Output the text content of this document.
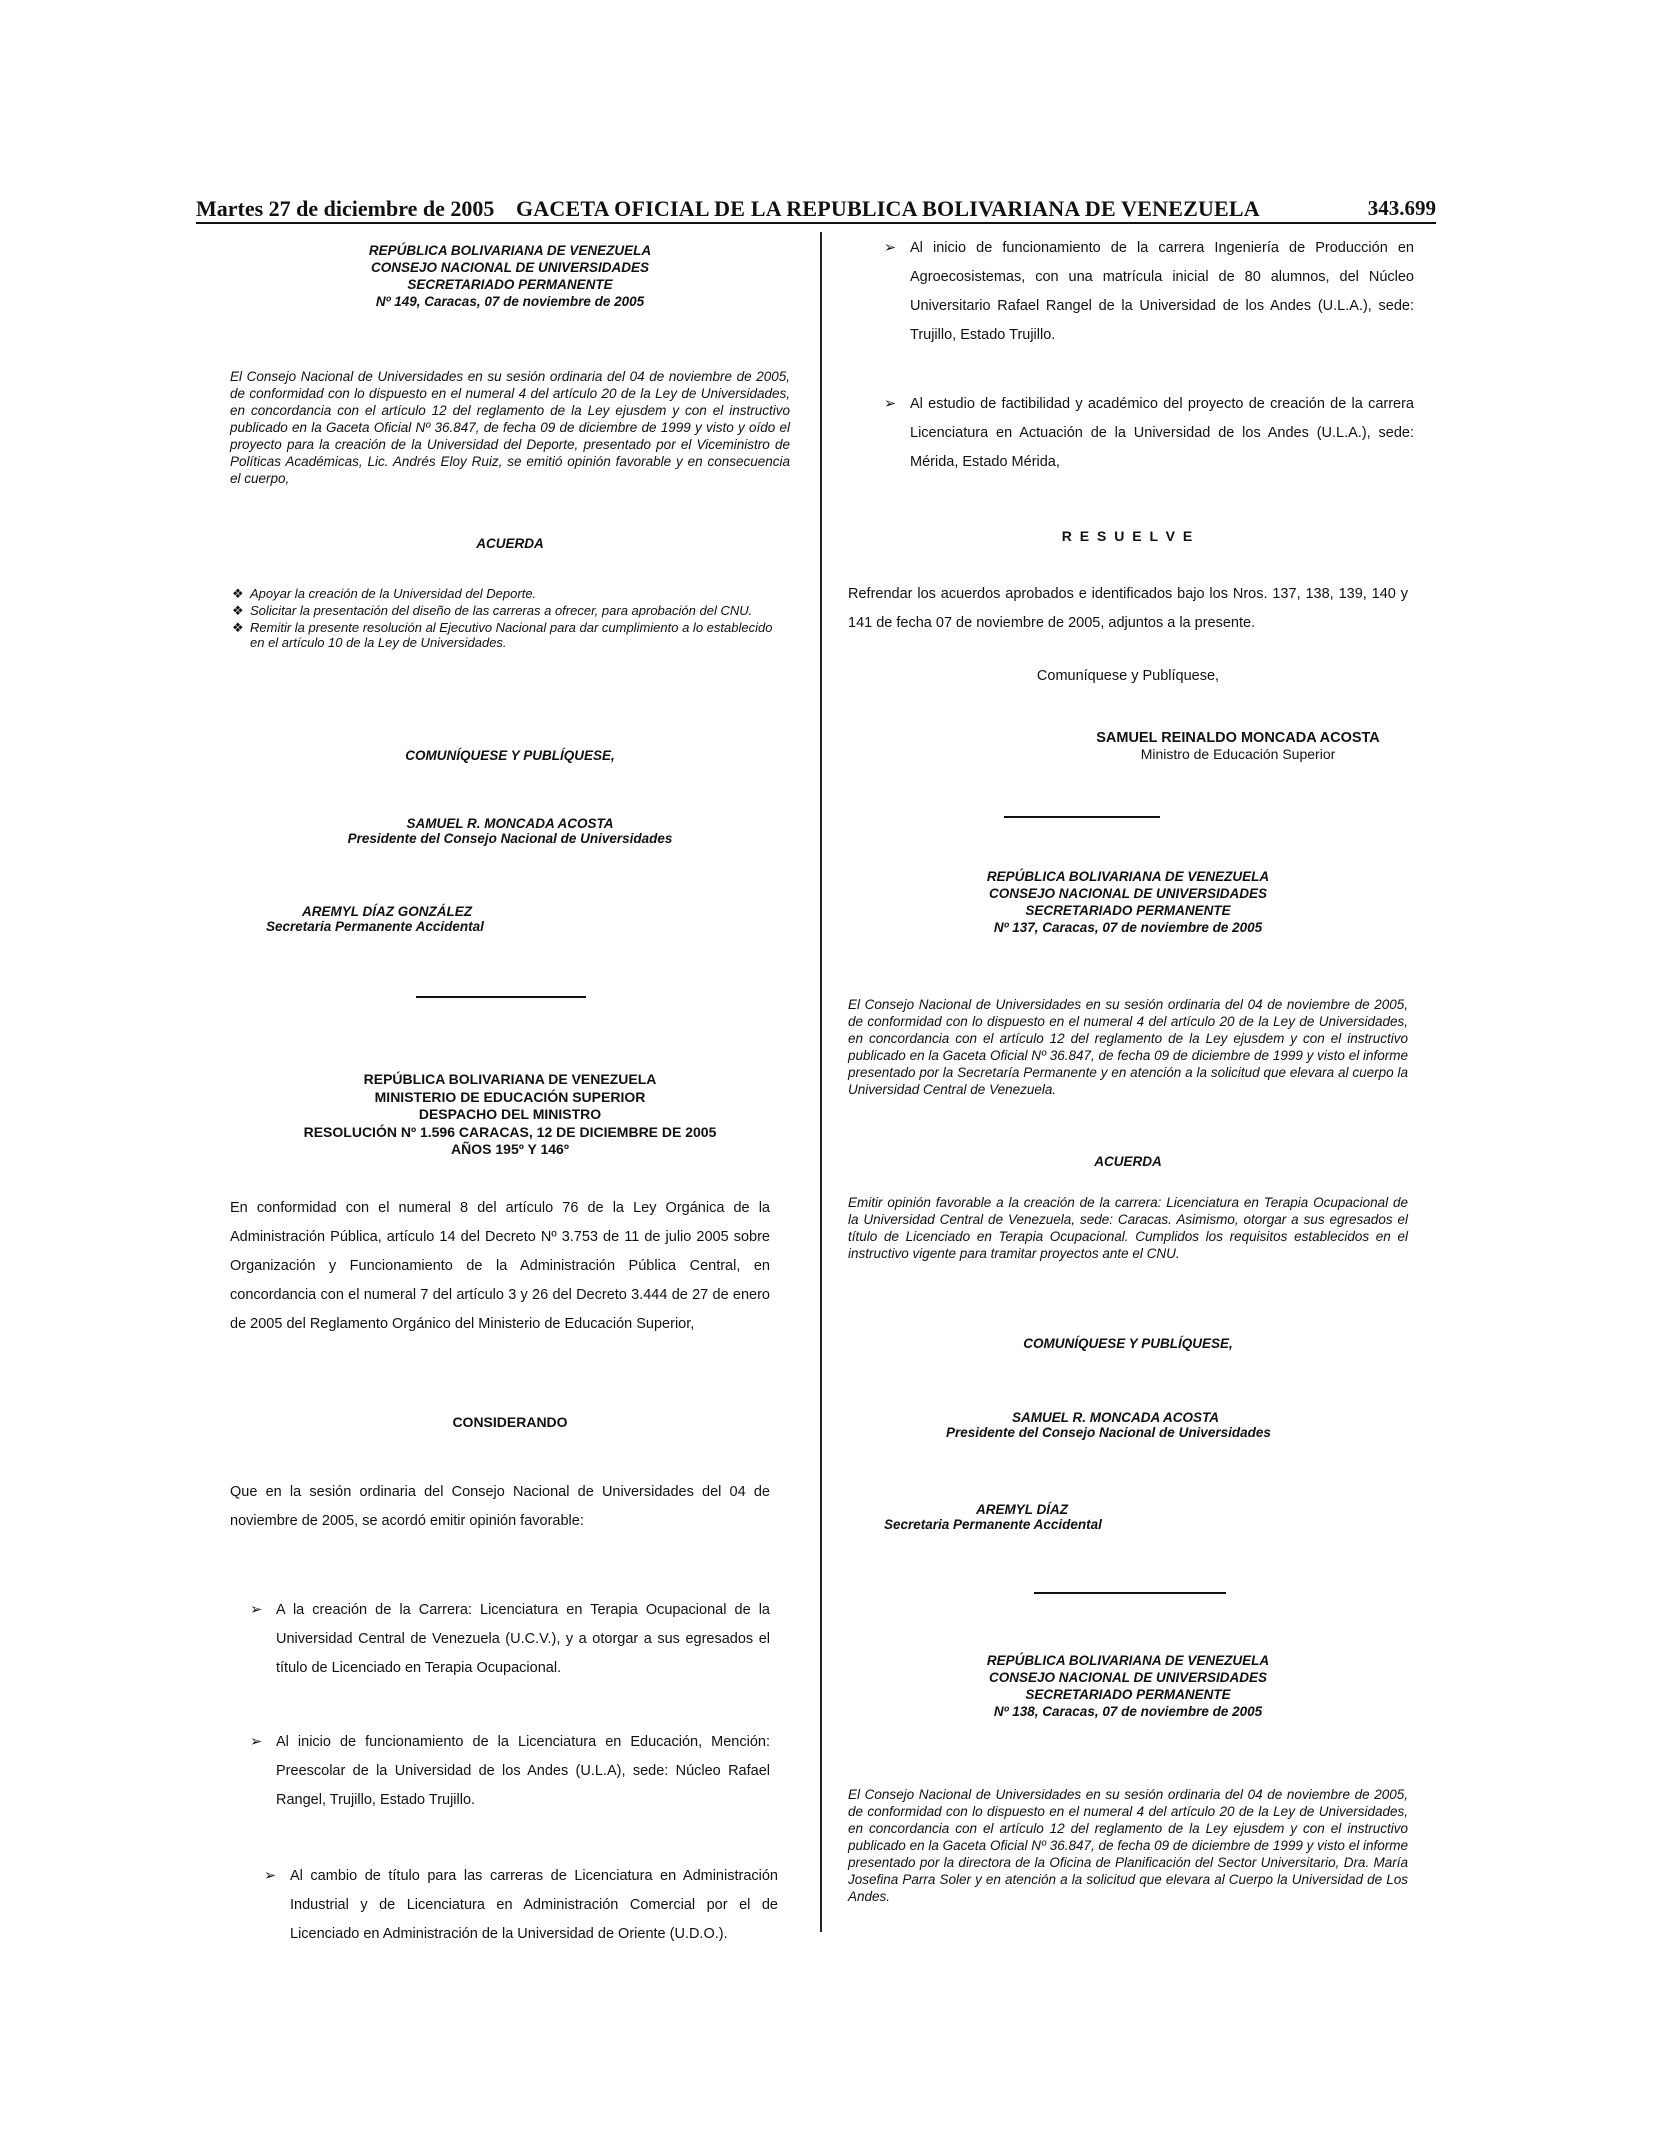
Martes 27 de diciembre de 2005 GACETA OFICIAL DE LA REPUBLICA BOLIVARIANA DE VENEZUELA	343.699
REPÚBLICA BOLIVARIANA DE VENEZUELA
CONSEJO NACIONAL DE UNIVERSIDADES
SECRETARIADO PERMANENTE
Nº 149, Caracas, 07 de noviembre de 2005
El Consejo Nacional de Universidades en su sesión ordinaria del 04 de noviembre de 2005, de conformidad con lo dispuesto en el numeral 4 del artículo 20 de la Ley de Universidades, en concordancia con el artículo 12 del reglamento de la Ley ejusdem y con el instructivo publicado en la Gaceta Oficial Nº 36.847, de fecha 09 de diciembre de 1999 y visto y oído el proyecto para la creación de la Universidad del Deporte, presentado por el Viceministro de Políticas Académicas, Lic. Andrés Eloy Ruiz, se emitió opinión favorable y en consecuencia el cuerpo,
ACUERDA
❖ Apoyar la creación de la Universidad del Deporte.
❖ Solicitar la presentación del diseño de las carreras a ofrecer, para aprobación del CNU.
❖ Remitir la presente resolución al Ejecutivo Nacional para dar cumplimiento a lo establecido en el artículo 10 de la Ley de Universidades.
COMUNÍQUESE Y PUBLÍQUESE,
SAMUEL R. MONCADA ACOSTA
Presidente del Consejo Nacional de Universidades
AREMYL DÍAZ GONZÁLEZ
Secretaria Permanente Accidental
REPÚBLICA BOLIVARIANA DE VENEZUELA
MINISTERIO DE EDUCACIÓN SUPERIOR
DESPACHO DEL MINISTRO
RESOLUCIÓN Nº 1.596 CARACAS, 12 DE DICIEMBRE DE 2005
AÑOS 195º Y 146º
En conformidad con el numeral 8 del artículo 76 de la Ley Orgánica de la Administración Pública, artículo 14 del Decreto Nº 3.753 de 11 de julio 2005 sobre Organización y Funcionamiento de la Administración Pública Central, en concordancia con el numeral 7 del artículo 3 y 26 del Decreto 3.444 de 27 de enero de 2005 del Reglamento Orgánico del Ministerio de Educación Superior,
CONSIDERANDO
Que en la sesión ordinaria del Consejo Nacional de Universidades del 04 de noviembre de 2005, se acordó emitir opinión favorable:
➢ A la creación de la Carrera: Licenciatura en Terapia Ocupacional de la Universidad Central de Venezuela (U.C.V.), y a otorgar a sus egresados el título de Licenciado en Terapia Ocupacional.
➢ Al inicio de funcionamiento de la Licenciatura en Educación, Mención: Preescolar de la Universidad de los Andes (U.L.A), sede: Núcleo Rafael Rangel, Trujillo, Estado Trujillo.
➢ Al cambio de título para las carreras de Licenciatura en Administración Industrial y de Licenciatura en Administración Comercial por el de Licenciado en Administración de la Universidad de Oriente (U.D.O.).
➢ Al inicio de funcionamiento de la carrera Ingeniería de Producción en Agroecosistemas, con una matrícula inicial de 80 alumnos, del Núcleo Universitario Rafael Rangel de la Universidad de los Andes (U.L.A.), sede: Trujillo, Estado Trujillo.
➢ Al estudio de factibilidad y académico del proyecto de creación de la carrera Licenciatura en Actuación de la Universidad de los Andes (U.L.A.), sede: Mérida, Estado Mérida,
R E S U E L V E
Refrendar los acuerdos aprobados e identificados bajo los Nros. 137, 138, 139, 140 y 141 de fecha 07 de noviembre de 2005, adjuntos a la presente.
Comuníquese y Publíquese,
SAMUEL REINALDO MONCADA ACOSTA
Ministro de Educación Superior
REPÚBLICA BOLIVARIANA DE VENEZUELA
CONSEJO NACIONAL DE UNIVERSIDADES
SECRETARIADO PERMANENTE
Nº 137, Caracas, 07 de noviembre de 2005
El Consejo Nacional de Universidades en su sesión ordinaria del 04 de noviembre de 2005, de conformidad con lo dispuesto en el numeral 4 del artículo 20 de la Ley de Universidades, en concordancia con el artículo 12 del reglamento de la Ley ejusdem y con el instructivo publicado en la Gaceta Oficial Nº 36.847, de fecha 09 de diciembre de 1999 y visto el informe presentado por la Secretaría Permanente y en atención a la solicitud que elevara al cuerpo la Universidad Central de Venezuela.
ACUERDA
Emitir opinión favorable a la creación de la carrera: Licenciatura en Terapia Ocupacional de la Universidad Central de Venezuela, sede: Caracas. Asimismo, otorgar a sus egresados el título de Licenciado en Terapia Ocupacional. Cumplidos los requisitos establecidos en el instructivo vigente para tramitar proyectos ante el CNU.
COMUNÍQUESE Y PUBLÍQUESE,
SAMUEL R. MONCADA ACOSTA
Presidente del Consejo Nacional de Universidades
AREMYL DÍAZ
Secretaria Permanente Accidental
REPÚBLICA BOLIVARIANA DE VENEZUELA
CONSEJO NACIONAL DE UNIVERSIDADES
SECRETARIADO PERMANENTE
Nº 138, Caracas, 07 de noviembre de 2005
El Consejo Nacional de Universidades en su sesión ordinaria del 04 de noviembre de 2005, de conformidad con lo dispuesto en el numeral 4 del artículo 20 de la Ley de Universidades, en concordancia con el artículo 12 del reglamento de la Ley ejusdem y con el instructivo publicado en la Gaceta Oficial Nº 36.847, de fecha 09 de diciembre de 1999 y visto el informe presentado por la directora de la Oficina de Planificación del Sector Universitario, Dra. María Josefina Parra Soler y en atención a la solicitud que elevara al Cuerpo la Universidad de Los Andes.
